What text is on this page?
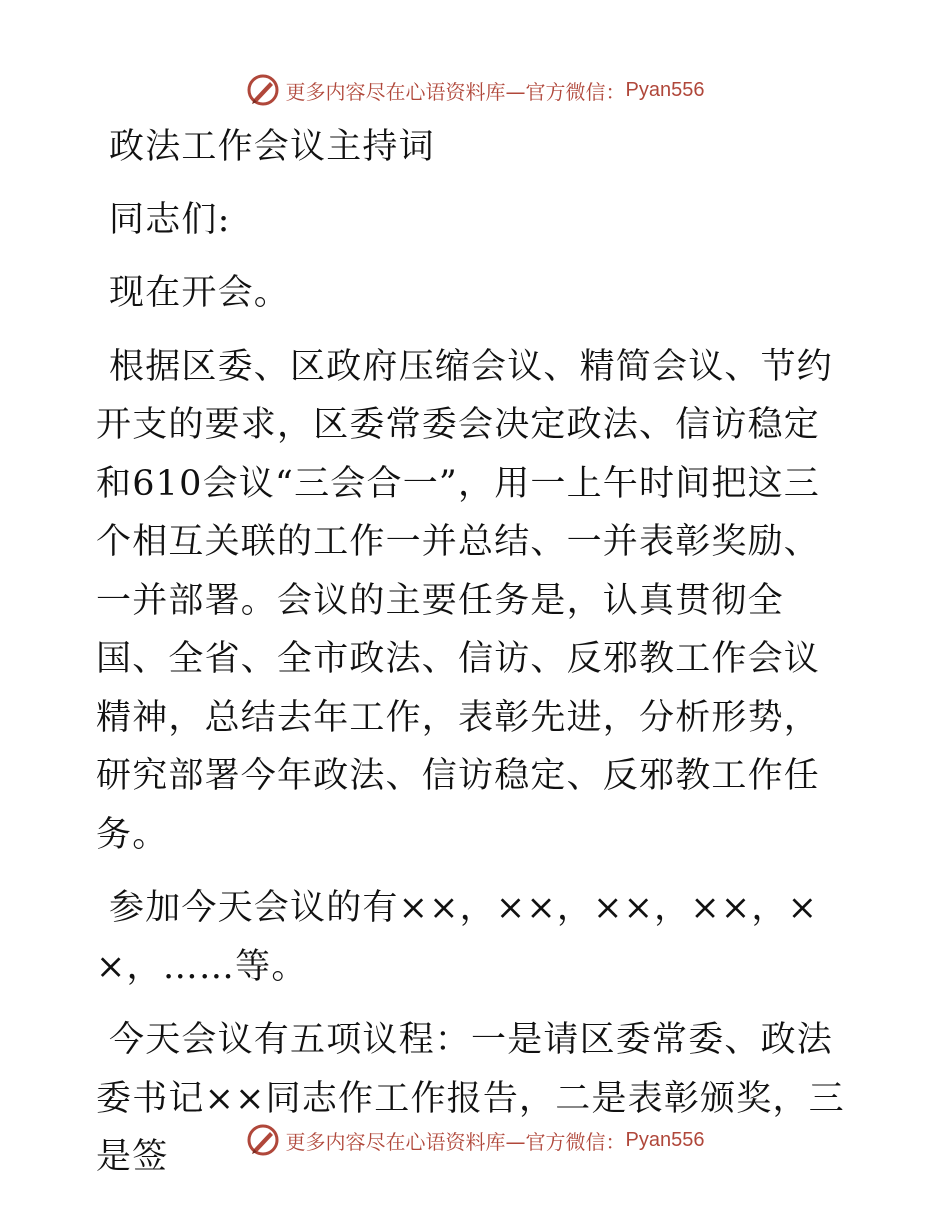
更多内容尽在心语资料库—官方微信： Pyan556

政法工作会议主持词

同志们:

现在开会。

根据区委、区政府压缩会议、精简会议、节约开支的要求，区委常委会决定政法、信访稳定和610会议“三会合一”，用一上午时间把这三个相互关联的工作一并总结、一并表彰奖励、一并部署。会议的主要任务是，认真贯彻全国、全省、全市政法、信访、反邪教工作会议精神，总结去年工作，表彰先进，分析形势，研究部署今年政法、信访稳定、反邪教工作任务。

参加今天会议的有××，××，××，××，××，……等。

今天会议有五项议程：一是请区委常委、政法委书记××同志作工作报告，二是表彰颁奖，三是签	更多内容尽在心语资料库—官方微信： Pyan556
